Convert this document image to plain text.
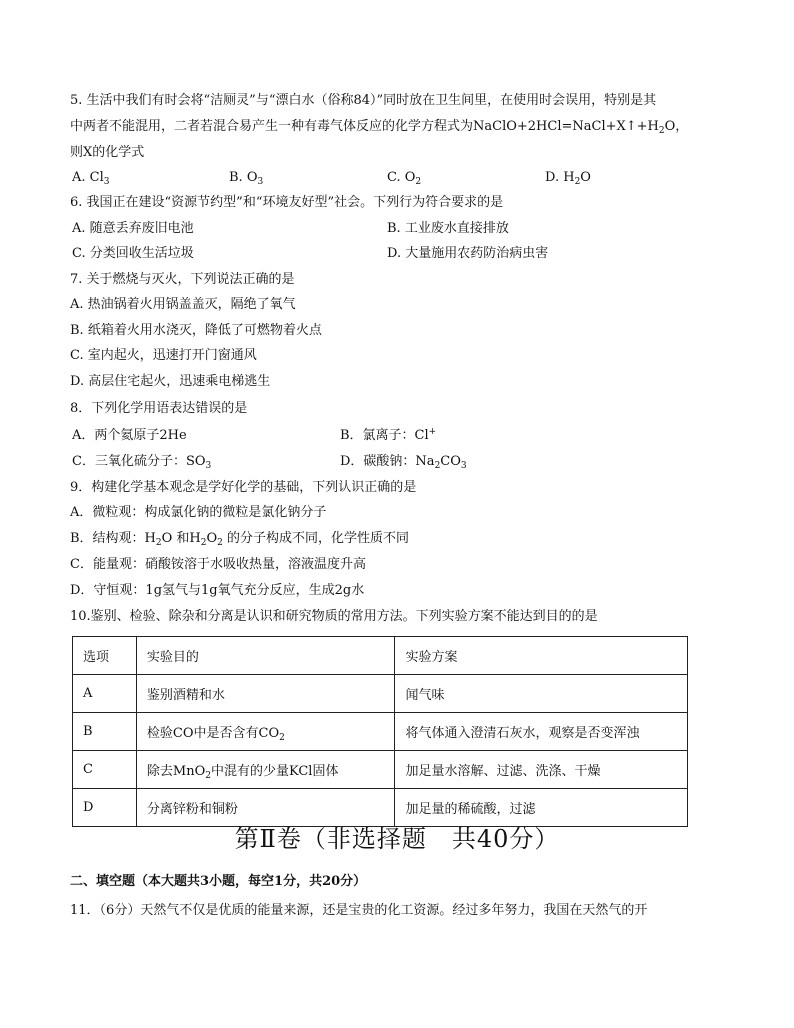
5. 生活中我们有时会将“洁厕灵”与“漂白水（俗称84）”同时放在卫生间里，在使用时会误用，特别是其
中两者不能混用，二者若混合易产生一种有毒气体反应的化学方程式为$NaClO+2HCl=NaCl+X↑+H_2O$，
则X的化学式
A. $Cl_3$	B. $O_3$	C. $O_2$	D. $H_2O$
6. 我国正在建设“资源节约型”和“环境友好型”社会。下列行为符合要求的是
A. 随意丢弃废旧电池	B. 工业废水直接排放
C. 分类回收生活垃圾	D. 大量施用农药防治病虫害
7. 关于燃烧与灭火，下列说法正确的是
A. 热油锅着火用锅盖盖灭，隔绝了氧气
B. 纸箱着火用水浇灭，降低了可燃物着火点
C. 室内起火，迅速打开门窗通风
D. 高层住宅起火，迅速乘电梯逃生
8．下列化学用语表达错误的是
A．两个氦原子2He	B．氯离子：Cl+
C．三氧化硫分子：$SO_3$	D．碳酸钠：$Na_2CO_3$
9．构建化学基本观念是学好化学的基础，下列认识正确的是
A．微粒观：构成氯化钠的微粒是氯化钠分子
B．结构观：$H_2O$ 和$H_2O_2$ 的分子构成不同，化学性质不同
C．能量观：硝酸铵溶于水吸收热量，溶液温度升高
D．守恒观：1g氢气与1g氧气充分反应，生成2g水
10.鉴别、检验、除杂和分离是认识和研究物质的常用方法。下列实验方案不能达到目的的是
选项	实验目的	实验方案
A	鉴别酒精和水	闻气味
B	检验CO中是否含有$CO_2$	将气体通入澄清石灰水，观察是否变浑浊
C	除去MnO$_2$中混有的少量KCl固体	加足量水溶解、过滤、洗涤、干燥
D	分离锌粉和铜粉	加足量的稀硫酸，过滤
第Ⅱ卷（非选择题　共40分）
二、填空题（本大题共3小题，每空1分，共20分）
11．（6分）天然气不仅是优质的能量来源，还是宝贵的化工资源。经过多年努力，我国在天然气的开
